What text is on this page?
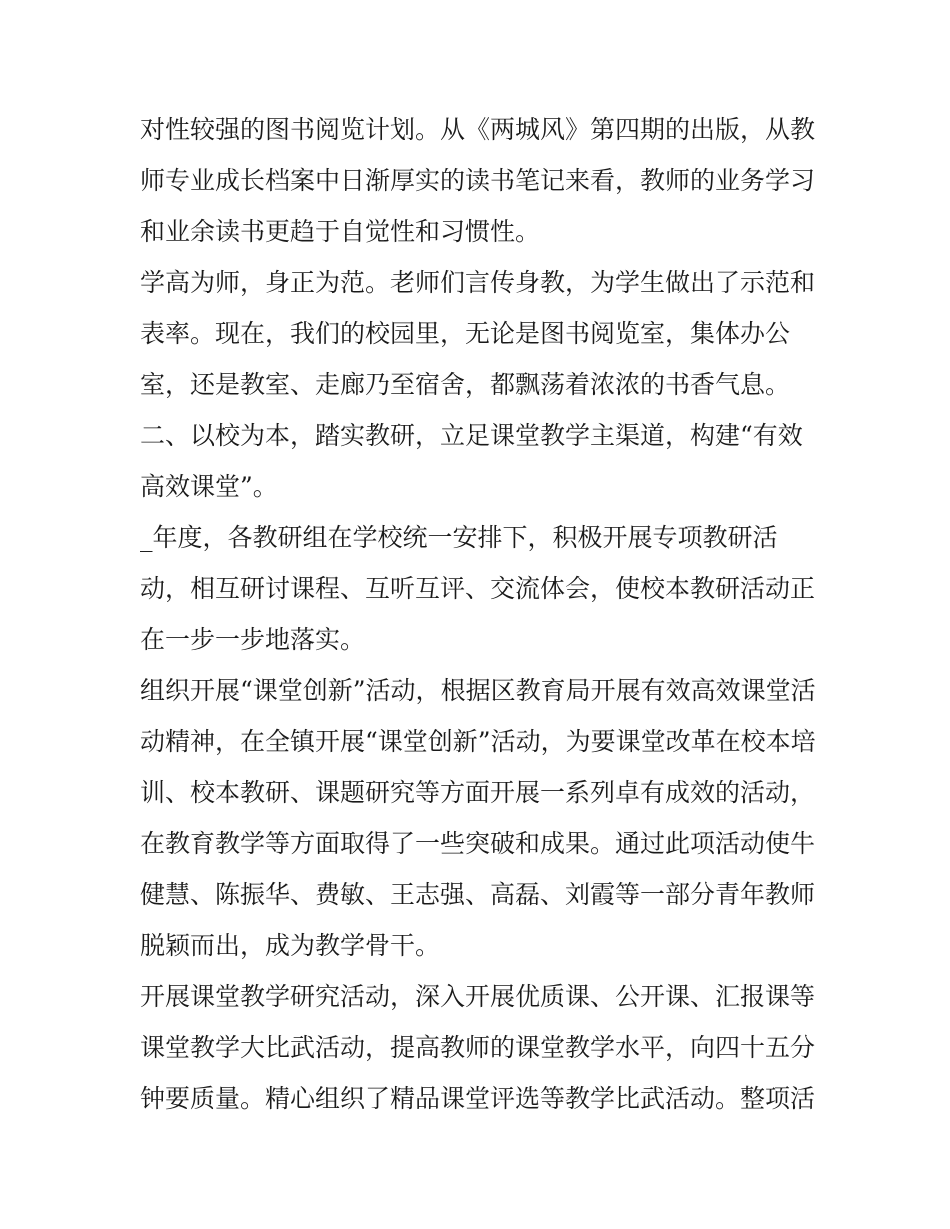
对性较强的图书阅览计划。从《两城风》第四期的出版，从教

师专业成长档案中日渐厚实的读书笔记来看，教师的业务学习

和业余读书更趋于自觉性和习惯性。

学高为师，身正为范。老师们言传身教，为学生做出了示范和

表率。现在，我们的校园里，无论是图书阅览室，集体办公

室，还是教室、走廊乃至宿舍，都飘荡着浓浓的书香气息。

二、以校为本，踏实教研，立足课堂教学主渠道，构建“有效

高效课堂”。

_年度，各教研组在学校统一安排下，积极开展专项教研活

动，相互研讨课程、互听互评、交流体会，使校本教研活动正

在一步一步地落实。

组织开展“课堂创新”活动，根据区教育局开展有效高效课堂活

动精神，在全镇开展“课堂创新”活动，为要课堂改革在校本培

训、校本教研、课题研究等方面开展一系列卓有成效的活动，

在教育教学等方面取得了一些突破和成果。通过此项活动使牛

健慧、陈振华、费敏、王志强、高磊、刘霞等一部分青年教师

脱颖而出，成为教学骨干。

开展课堂教学研究活动，深入开展优质课、公开课、汇报课等

课堂教学大比武活动，提高教师的课堂教学水平，向四十五分

钟要质量。精心组织了精品课堂评选等教学比武活动。整项活
